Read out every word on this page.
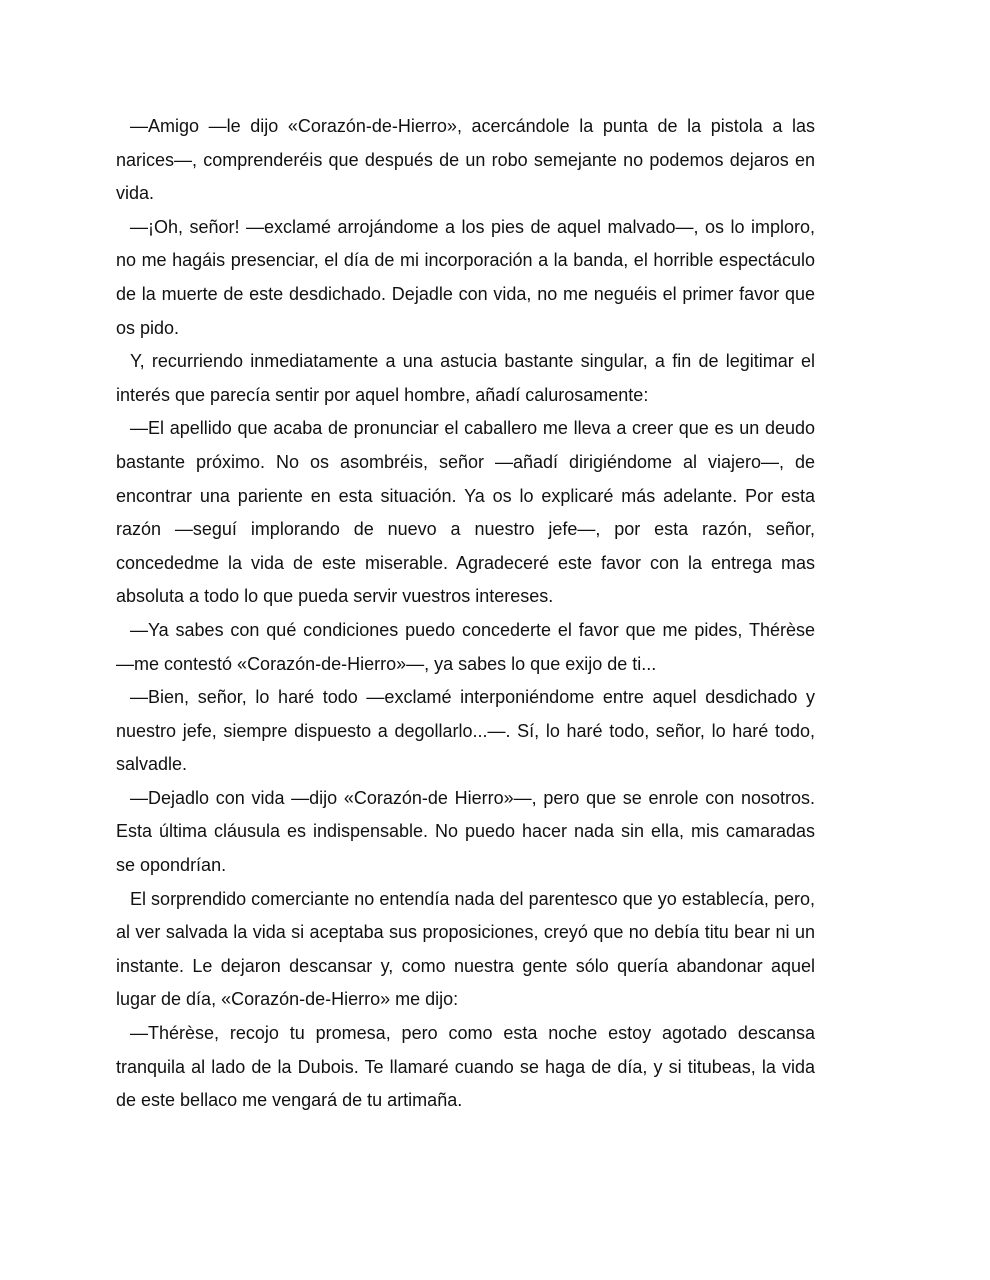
—Amigo —le dijo «Corazón-de-Hierro», acercándole la punta de la pistola a las narices—, comprenderéis que después de un robo semejante no podemos dejaros en vida.

—¡Oh, señor! —exclamé arrojándome a los pies de aquel malvado—, os lo imploro, no me hagáis presenciar, el día de mi incorporación a la banda, el horrible espectáculo de la muerte de este desdichado. Dejadle con vida, no me neguéis el primer favor que os pido.

Y, recurriendo inmediatamente a una astucia bastante singular, a fin de legitimar el interés que parecía sentir por aquel hombre, añadí calurosamente:

—El apellido que acaba de pronunciar el caballero me lleva a creer que es un deudo bastante próximo. No os asombréis, señor —añadí dirigiéndome al viajero—, de encontrar una pariente en esta situación. Ya os lo explicaré más adelante. Por esta razón —seguí implorando de nuevo a nuestro jefe—, por esta razón, señor, concededme la vida de este miserable. Agradeceré este favor con la entrega mas absoluta a todo lo que pueda servir vuestros intereses.

—Ya sabes con qué condiciones puedo concederte el favor que me pides, Thérèse —me contestó «Corazón-de-Hierro»—, ya sabes lo que exijo de ti...

—Bien, señor, lo haré todo —exclamé interponiéndome entre aquel desdichado y nuestro jefe, siempre dispuesto a degollarlo...—. Sí, lo haré todo, señor, lo haré todo, salvadle.

—Dejadlo con vida —dijo «Corazón-de Hierro»—, pero que se enrole con nosotros. Esta última cláusula es indispensable. No puedo hacer nada sin ella, mis camaradas se opondrían.

El sorprendido comerciante no entendía nada del parentesco que yo establecía, pero, al ver salvada la vida si aceptaba sus proposiciones, creyó que no debía titu bear ni un instante. Le dejaron descansar y, como nuestra gente sólo quería abandonar aquel lugar de día, «Corazón-de-Hierro» me dijo:

—Thérèse, recojo tu promesa, pero como esta noche estoy agotado descansa tranquila al lado de la Dubois. Te llamaré cuando se haga de día, y si titubeas, la vida de este bellaco me vengará de tu artimaña.
